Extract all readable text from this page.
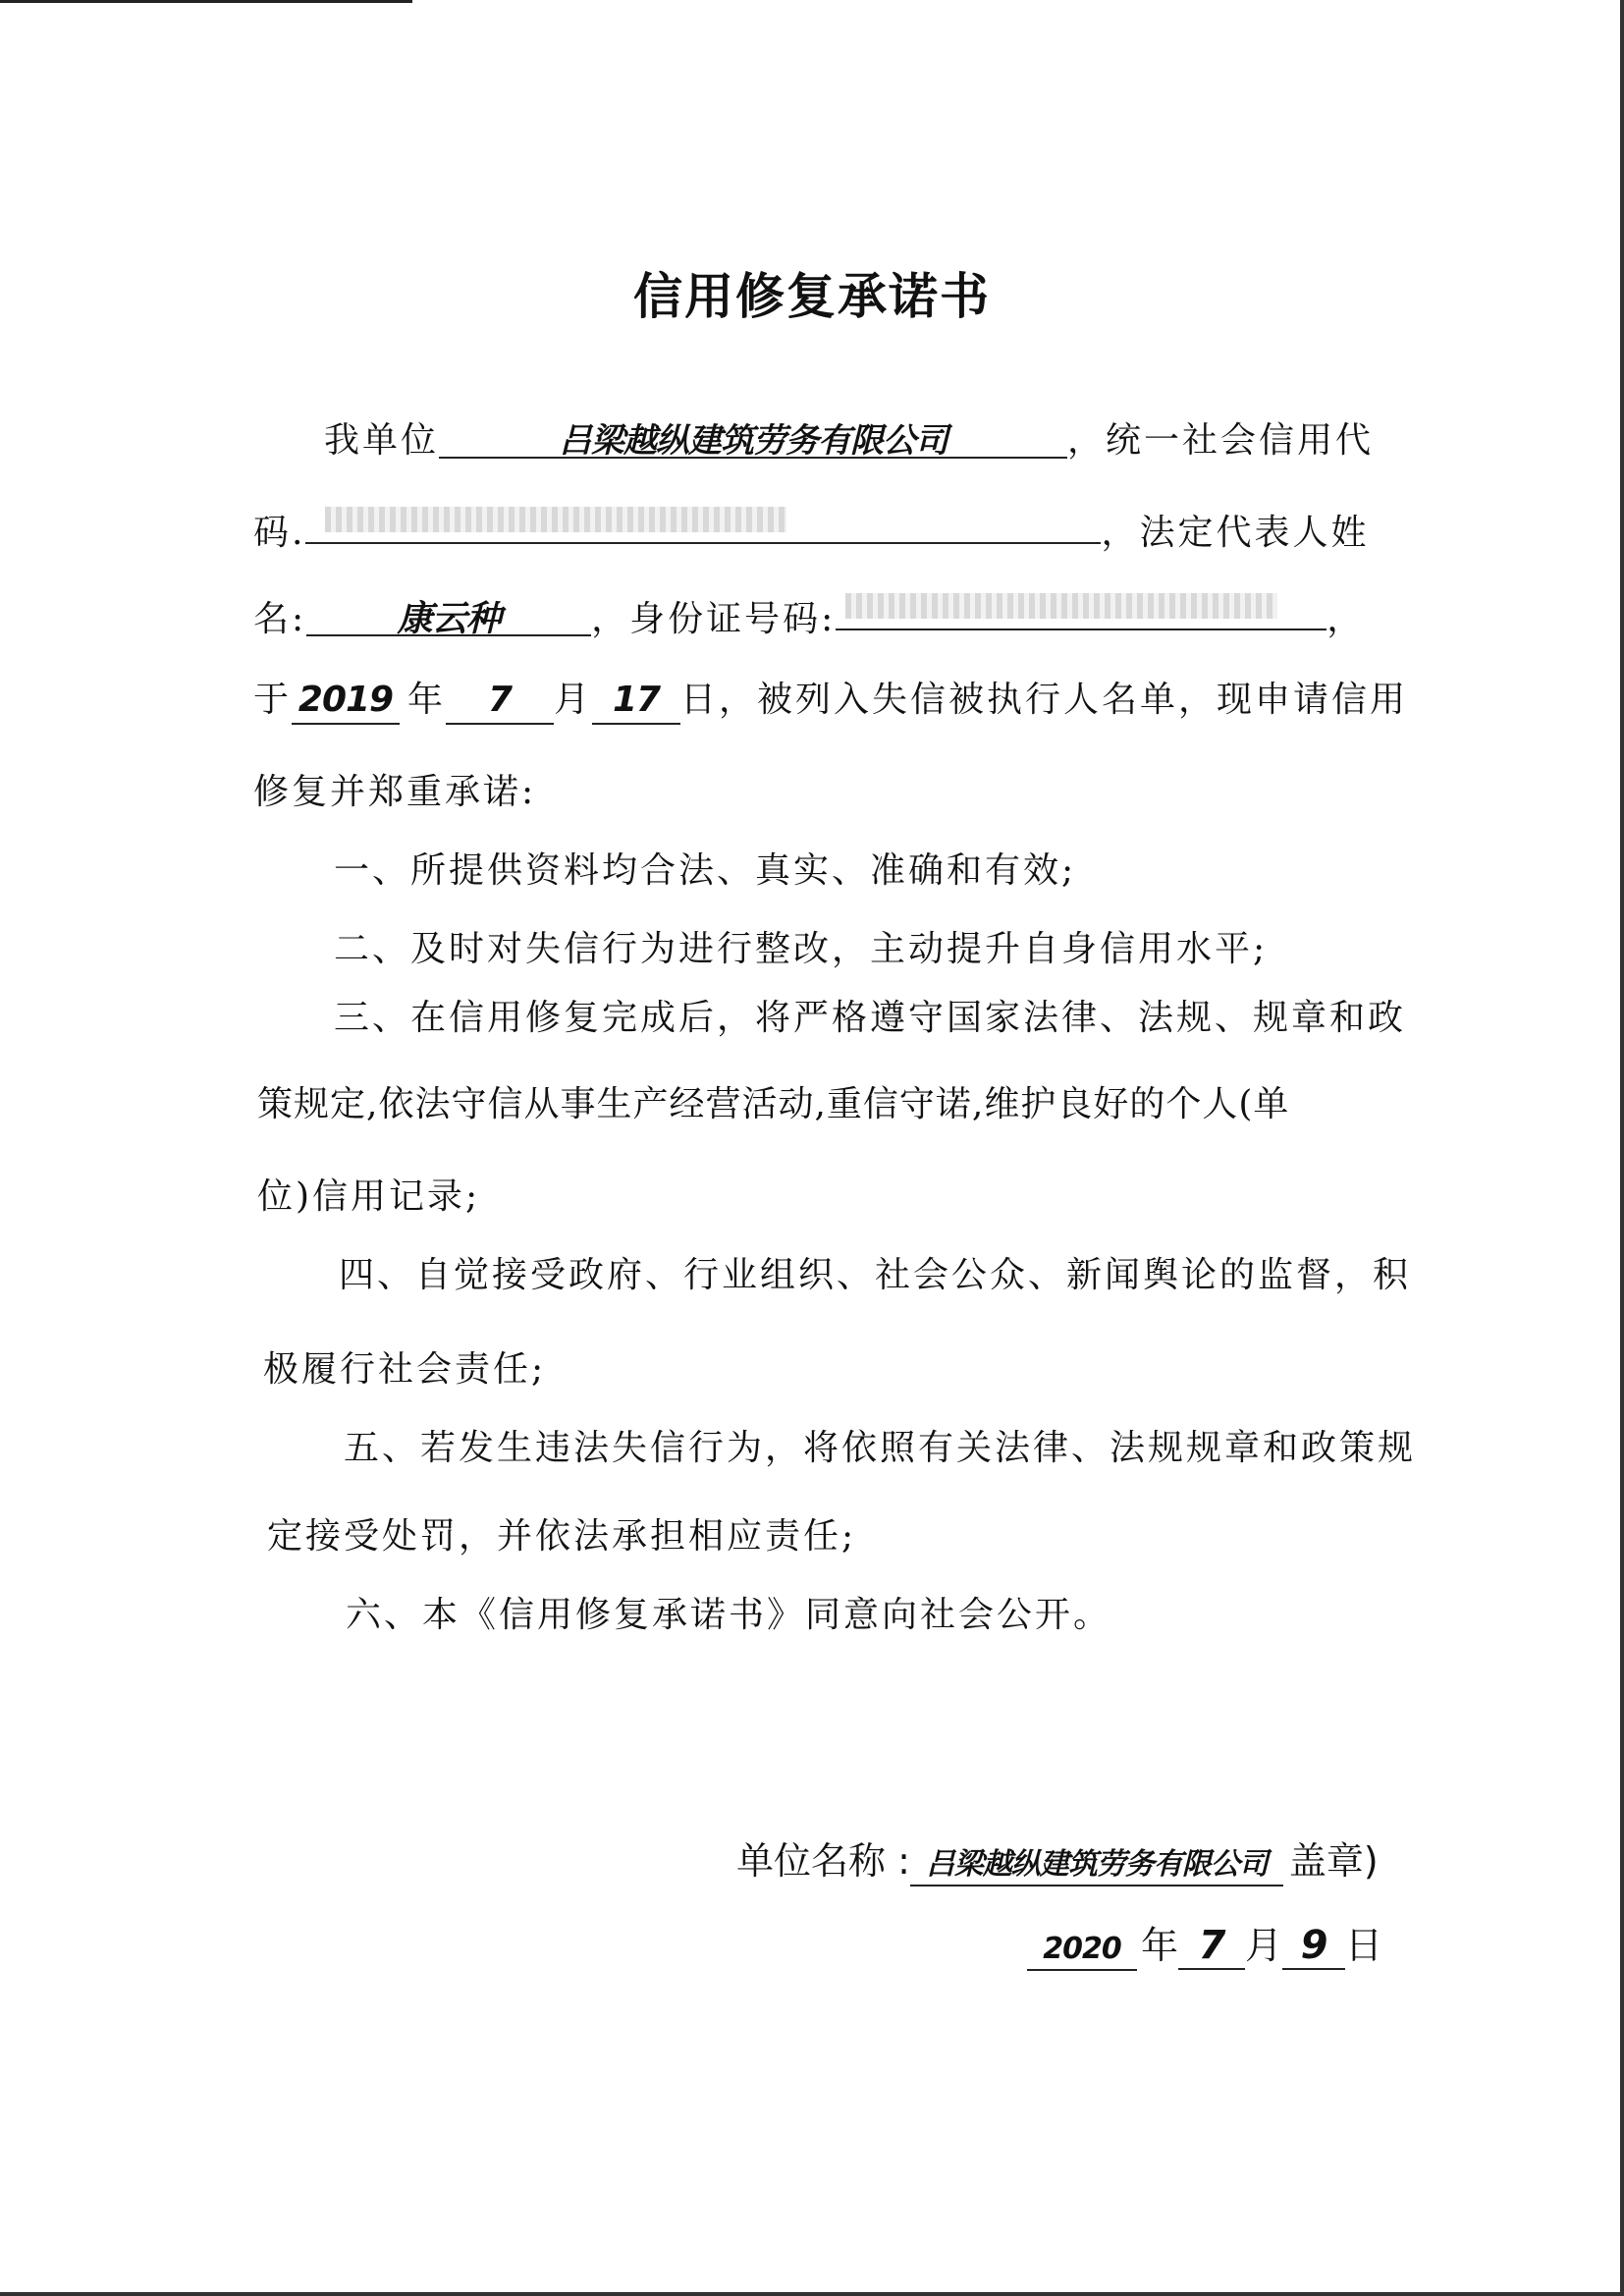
信用修复承诺书
我单位	吕梁越纵建筑劳务有限公司	，统一社会信用代
码.	，法定代表人姓
名:	康云种	，身份证号码:	，
于 2019 年 7 月 17 日，被列入失信被执行人名单，现申请信用
修复并郑重承诺:
一、所提供资料均合法、真实、准确和有效;
二、及时对失信行为进行整改，主动提升自身信用水平;
三、在信用修复完成后，将严格遵守国家法律、法规、规章和政
策规定,依法守信从事生产经营活动,重信守诺,维护良好的个人(单
位)信用记录;
四、自觉接受政府、行业组织、社会公众、新闻舆论的监督，积
极履行社会责任;
五、若发生违法失信行为，将依照有关法律、法规规章和政策规
定接受处罚，并依法承担相应责任;
六、本《信用修复承诺书》同意向社会公开。
单位名称 : 吕梁越纵建筑劳务有限公司 盖章)
2020 年 7 月 9 日
